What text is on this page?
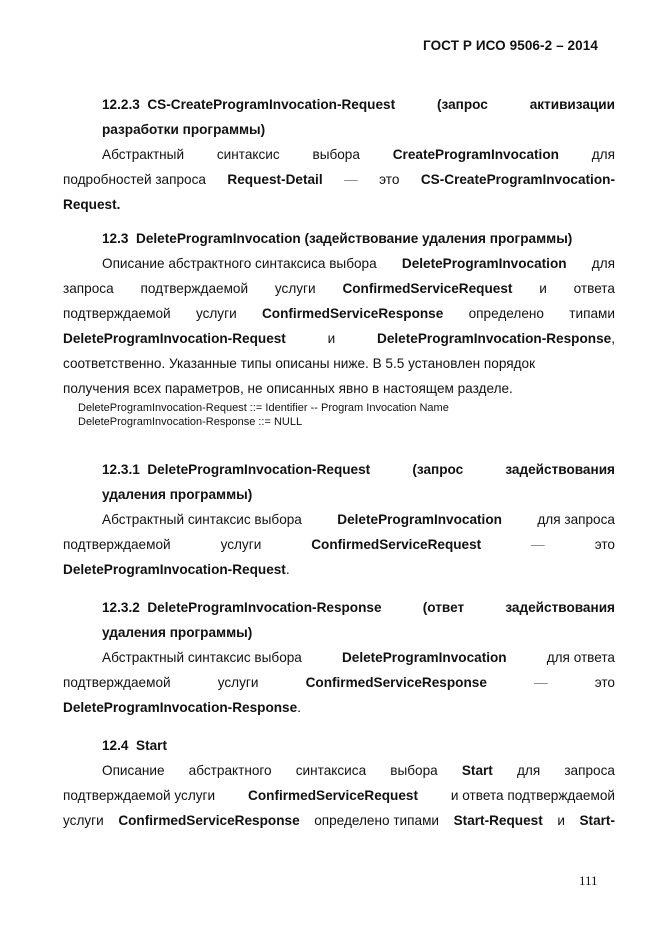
ГОСТ Р ИСО 9506-2 – 2014
12.2.3 CS-CreateProgramInvocation-Request	(запрос	активизации
разработки программы)
Абстрактный синтаксис выбора CreateProgramInvocation для
подробностей запроса Request-Detail — это CS-CreateProgramInvocation-
Request.
12.3 DeleteProgramInvocation (задействование удаления программы)
Описание абстрактного синтаксиса выбора DeleteProgramInvocation для
запроса подтверждаемой услуги ConfirmedServiceRequest и ответа
подтверждаемой услуги ConfirmedServiceResponse определено типами
DeleteProgramInvocation-Request	и	DeleteProgramInvocation-Response,
соответственно. Указанные типы описаны ниже. В 5.5 установлен порядок
получения всех параметров, не описанных явно в настоящем разделе.
DeleteProgramInvocation-Request ::= Identifier -- Program Invocation Name
DeleteProgramInvocation-Response ::= NULL
12.3.1 DeleteProgramInvocation-Request	(запрос	задействования
удаления программы)
Абстрактный синтаксис выбора	DeleteProgramInvocation	для запроса
подтверждаемой	услуги	ConfirmedServiceRequest	—	это
DeleteProgramInvocation-Request.
12.3.2 DeleteProgramInvocation-Response	(ответ	задействования
удаления программы)
Абстрактный синтаксис выбора	DeleteProgramInvocation	для ответа
подтверждаемой	услуги	ConfirmedServiceResponse	—	это
DeleteProgramInvocation-Response.
12.4 Start
Описание абстрактного синтаксиса выбора Start для запроса
подтверждаемой услуги ConfirmedServiceRequest и ответа подтверждаемой
услуги ConfirmedServiceResponse определено типами Start-Request и Start-
111
